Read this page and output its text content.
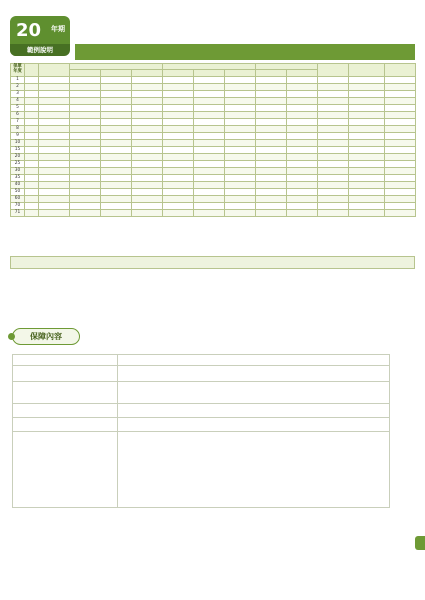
20 年期
範例說明
保單年度													

1													
2													
3													
4													
5													
6													
7													
8													
9													
10													
15													
20													
25													
30													
35													
40													
50													
60													
70													
71													

保障內容
